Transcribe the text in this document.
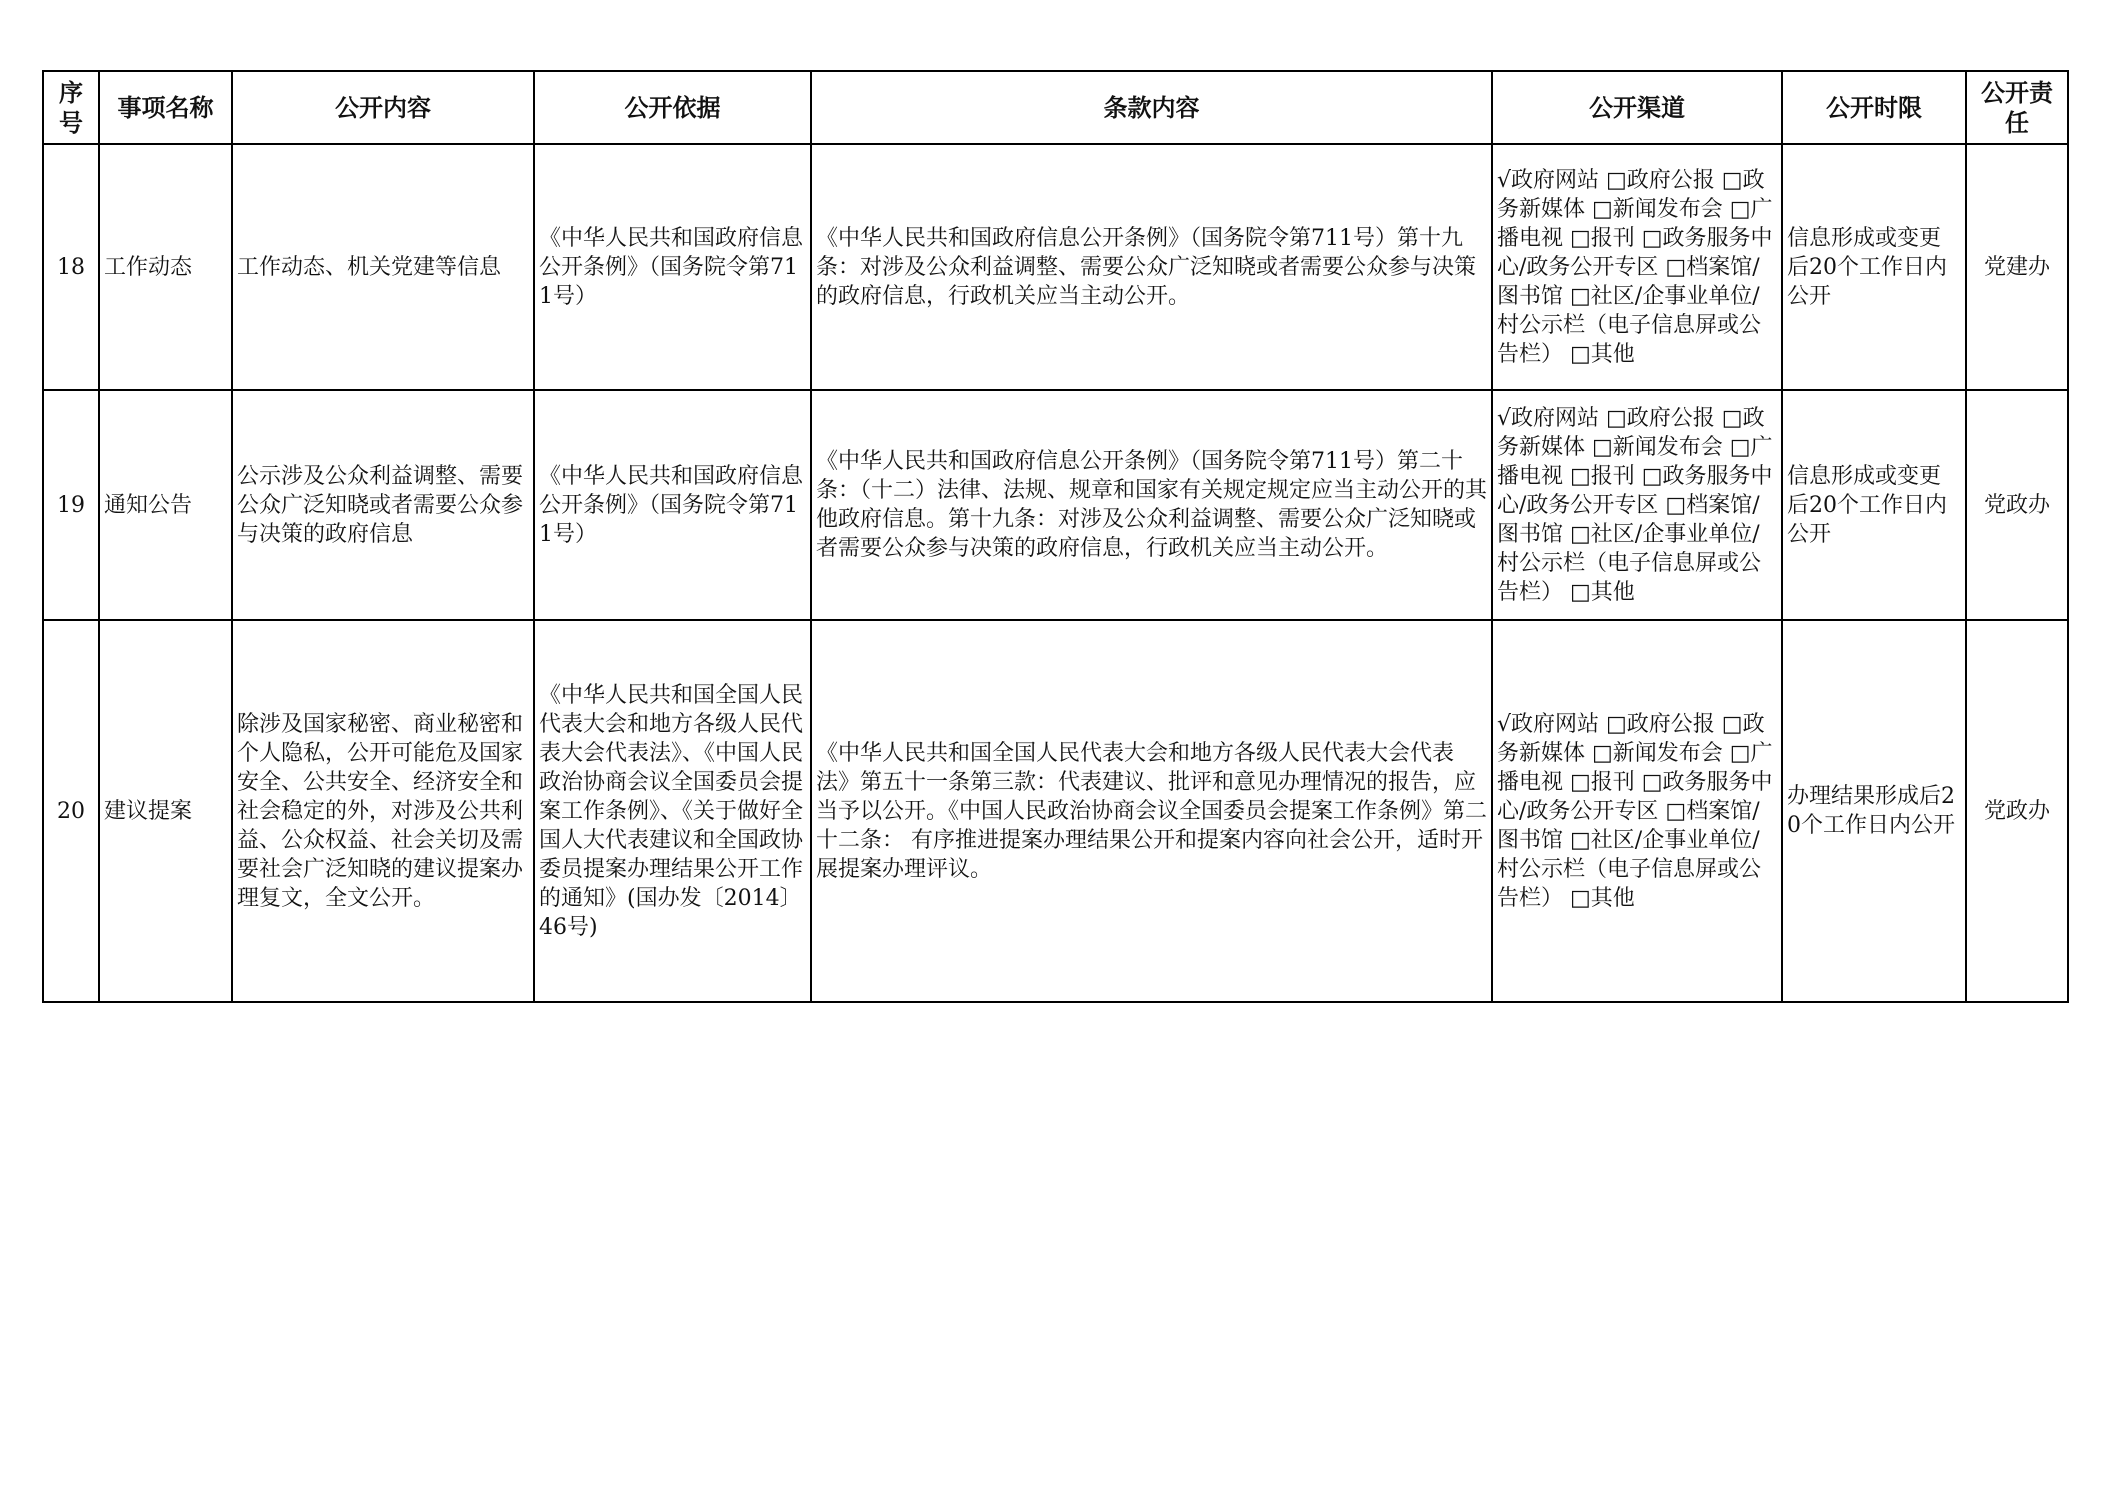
序号	事项名称	公开内容	公开依据	条款内容	公开渠道	公开时限	公开责任
18	工作动态	工作动态、机关党建等信息	《中华人民共和国政府信息公开条例》（国务院令第711号）	《中华人民共和国政府信息公开条例》（国务院令第711号）第十九条：对涉及公众利益调整、需要公众广泛知晓或者需要公众参与决策的政府信息，行政机关应当主动公开。	√政府网站 □政府公报 □政务新媒体 □新闻发布会 □广播电视 □报刊 □政务服务中心/政务公开专区 □档案馆/图书馆 □社区/企事业单位/村公示栏（电子信息屏或公告栏） □其他	信息形成或变更后20个工作日内公开	党建办
19	通知公告	公示涉及公众利益调整、需要公众广泛知晓或者需要公众参与决策的政府信息	《中华人民共和国政府信息公开条例》（国务院令第711号）	《中华人民共和国政府信息公开条例》（国务院令第711号）第二十条：（十二）法律、法规、规章和国家有关规定规定应当主动公开的其他政府信息。第十九条：对涉及公众利益调整、需要公众广泛知晓或者需要公众参与决策的政府信息，行政机关应当主动公开。	√政府网站 □政府公报 □政务新媒体 □新闻发布会 □广播电视 □报刊 □政务服务中心/政务公开专区 □档案馆/图书馆 □社区/企事业单位/村公示栏（电子信息屏或公告栏） □其他	信息形成或变更后20个工作日内公开	党政办
20	建议提案	除涉及国家秘密、商业秘密和个人隐私，公开可能危及国家安全、公共安全、经济安全和社会稳定的外，对涉及公共利益、公众权益、社会关切及需要社会广泛知晓的建议提案办理复文，全文公开。	《中华人民共和国全国人民代表大会和地方各级人民代表大会代表法》、《中国人民政治协商会议全国委员会提案工作条例》、《关于做好全国人大代表建议和全国政协委员提案办理结果公开工作的通知》(国办发〔2014〕46号)	《中华人民共和国全国人民代表大会和地方各级人民代表大会代表法》第五十一条第三款：代表建议、批评和意见办理情况的报告，应当予以公开。《中国人民政治协商会议全国委员会提案工作条例》第二十二条： 有序推进提案办理结果公开和提案内容向社会公开，适时开展提案办理评议。	√政府网站 □政府公报 □政务新媒体 □新闻发布会 □广播电视 □报刊 □政务服务中心/政务公开专区 □档案馆/图书馆 □社区/企事业单位/村公示栏（电子信息屏或公告栏） □其他	办理结果形成后20个工作日内公开	党政办
